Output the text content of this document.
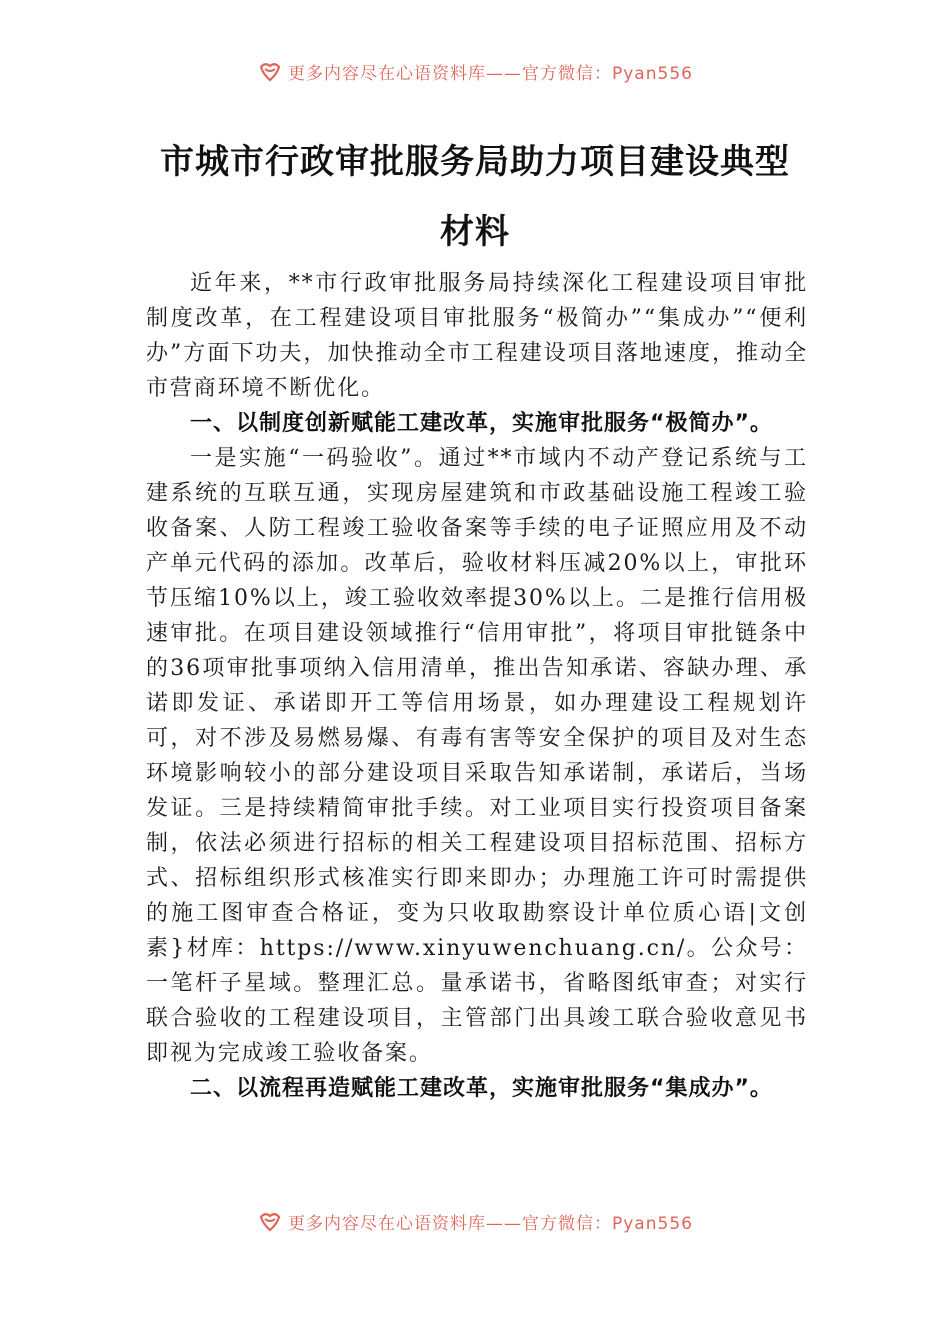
更多内容尽在心语资料库——官方微信：Pyan556
市城市行政审批服务局助力项目建设典型
材料

近年来，**市行政审批服务局持续深化工程建设项目审批制度改革，在工程建设项目审批服务“极简办”“集成办”“便利办”方面下功夫，加快推动全市工程建设项目落地速度，推动全市营商环境不断优化。

一、以制度创新赋能工建改革，实施审批服务“极简办”。

一是实施“一码验收”。通过**市域内不动产登记系统与工建系统的互联互通，实现房屋建筑和市政基础设施工程竣工验收备案、人防工程竣工验收备案等手续的电子证照应用及不动产单元代码的添加。改革后，验收材料压减20%以上，审批环节压缩10%以上，竣工验收效率提30%以上。二是推行信用极速审批。在项目建设领域推行“信用审批”，将项目审批链条中的36项审批事项纳入信用清单，推出告知承诺、容缺办理、承诺即发证、承诺即开工等信用场景，如办理建设工程规划许可，对不涉及易燃易爆、有毒有害等安全保护的项目及对生态环境影响较小的部分建设项目采取告知承诺制，承诺后，当场发证。三是持续精简审批手续。对工业项目实行投资项目备案制，依法必须进行招标的相关工程建设项目招标范围、招标方式、招标组织形式核准实行即来即办；办理施工许可时需提供的施工图审查合格证，变为只收取勘察设计单位质心语|文创素}材库：https://www.xinyuwenchuang.cn/。公众号：一笔杆子星域。整理汇总。量承诺书，省略图纸审查；对实行联合验收的工程建设项目，主管部门出具竣工联合验收意见书即视为完成竣工验收备案。

二、以流程再造赋能工建改革，实施审批服务“集成办”。

更多内容尽在心语资料库——官方微信：Pyan556
